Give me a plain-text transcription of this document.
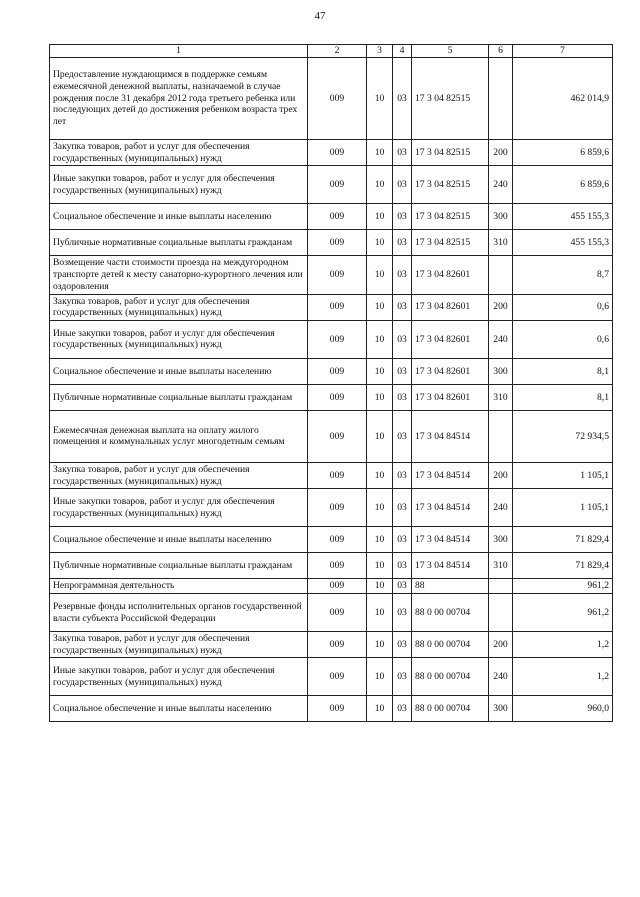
47
1	2	3	4	5	6	7
Предоставление нуждающимся в поддержке семьям ежемесячной денежной выплаты, назначаемой в случае рождения после 31 декабря 2012 года третьего ребенка или последующих детей до достижения ребенком возраста трех лет	009	10	03	17 3 04 82515		462 014,9
Закупка товаров, работ и услуг для обеспечения государственных (муниципальных) нужд	009	10	03	17 3 04 82515	200	6 859,6
Иные закупки товаров, работ и услуг для обеспечения государственных (муниципальных) нужд	009	10	03	17 3 04 82515	240	6 859,6
Социальное обеспечение и иные выплаты населению	009	10	03	17 3 04 82515	300	455 155,3
Публичные нормативные социальные выплаты гражданам	009	10	03	17 3 04 82515	310	455 155,3
Возмещение части стоимости проезда на междугородном транспорте детей к месту санаторно-курортного лечения или оздоровления	009	10	03	17 3 04 82601		8,7
Закупка товаров, работ и услуг для обеспечения государственных (муниципальных) нужд	009	10	03	17 3 04 82601	200	0,6
Иные закупки товаров, работ и услуг для обеспечения государственных (муниципальных) нужд	009	10	03	17 3 04 82601	240	0,6
Социальное обеспечение и иные выплаты населению	009	10	03	17 3 04 82601	300	8,1
Публичные нормативные социальные выплаты гражданам	009	10	03	17 3 04 82601	310	8,1
Ежемесячная денежная выплата на оплату жилого помещения и коммунальных услуг многодетным семьям	009	10	03	17 3 04 84514		72 934,5
Закупка товаров, работ и услуг для обеспечения государственных (муниципальных) нужд	009	10	03	17 3 04 84514	200	1 105,1
Иные закупки товаров, работ и услуг для обеспечения государственных (муниципальных) нужд	009	10	03	17 3 04 84514	240	1 105,1
Социальное обеспечение и иные выплаты населению	009	10	03	17 3 04 84514	300	71 829,4
Публичные нормативные социальные выплаты гражданам	009	10	03	17 3 04 84514	310	71 829,4
Непрограммная деятельность	009	10	03	88		961,2
Резервные фонды исполнительных органов государственной власти субъекта Российской Федерации	009	10	03	88 0 00 00704		961,2
Закупка товаров, работ и услуг для обеспечения государственных (муниципальных) нужд	009	10	03	88 0 00 00704	200	1,2
Иные закупки товаров, работ и услуг для обеспечения государственных (муниципальных) нужд	009	10	03	88 0 00 00704	240	1,2
Социальное обеспечение и иные выплаты населению	009	10	03	88 0 00 00704	300	960,0
